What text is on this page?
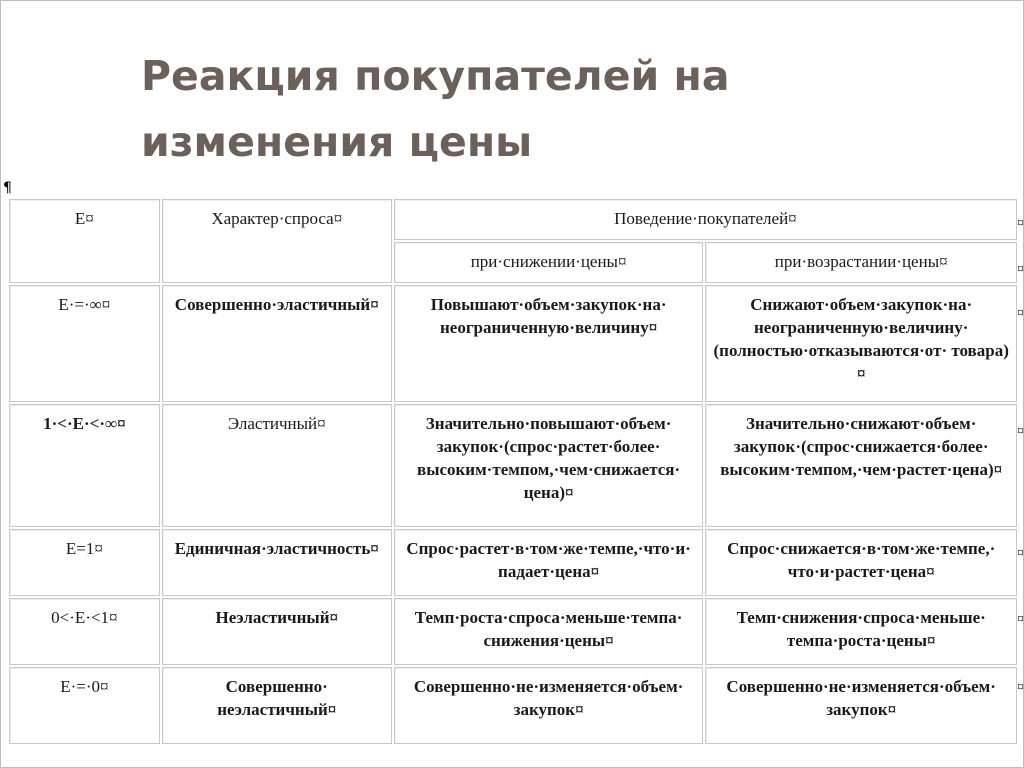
Реакция покупателей на
изменения цены
¶
E¤	Характер·спроса¤	Поведение·покупателей¤	
		при·снижении·цены¤	при·возрастании·цены¤
E·=·∞¤	Совершенно·эластичный¤	Повышают·объем·закупок·на· неограниченную·величину¤	Снижают·объем·закупок·на· неограниченную·величину· (полностью·отказываются·от· товара)¤
1·<·E·<·∞¤	Эластичный¤	Значительно·повышают·объем· закупок·(спрос·растет·более· высоким·темпом,·чем·снижается· цена)¤	Значительно·снижают·объем· закупок·(спрос·снижается·более· высоким·темпом,·чем·растет·цена)¤
E=1¤	Единичная·эластичность¤	Спрос·растет·в·том·же·темпе,·что·и· падает·цена¤	Спрос·снижается·в·том·же·темпе,· что·и·растет·цена¤
0<·E·<1¤	Неэластичный¤	Темп·роста·спроса·меньше·темпа· снижения·цены¤	Темп·снижения·спроса·меньше· темпа·роста·цены¤
E·=·0¤	Совершенно· неэластичный¤	Совершенно·не·изменяется·объем· закупок¤	Совершенно·не·изменяется·объем· закупок¤
¤
¤
¤
¤
¤
¤
¤
